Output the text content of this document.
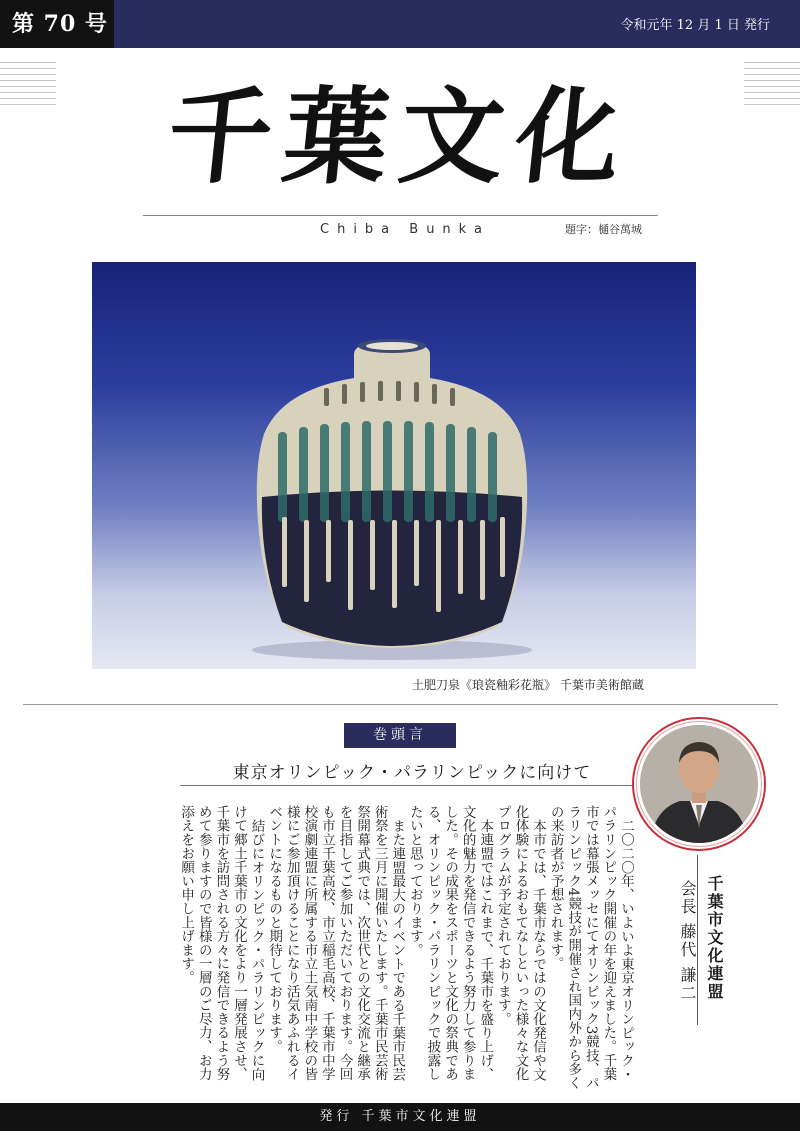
第 70 号	令和元年 12 月 1 日 発行
千葉文化
Chiba Bunka	題字：樋谷萬城
土肥刀泉《琅瓷釉彩花瓶》 千葉市美術館蔵
巻頭言
東京オリンピック・パラリンピックに向けて
千葉市文化連盟
会長 藤代 謙二

二〇二〇年、いよいよ東京オリンピック・パラリンピック開催の年を迎えました。千葉市では幕張メッセにてオリンピック3競技、パラリンピック4競技が開催され国内外から多くの来訪者が予想されます。

本市では、千葉市ならではの文化発信や文化体験によるおもてなしといった様々な文化プログラムが予定されております。

本連盟ではこれまで、千葉市を盛り上げ、文化的魅力を発信できるよう努力して参りました。その成果をスポーツと文化の祭典である、オリンピック・パラリンピックで披露したいと思っております。

また連盟最大のイベントである千葉市民芸術祭を三月に開催いたします。千葉市民芸術祭開幕式典では、次世代との文化交流と継承を目指してご参加いただいております。今回も市立千葉高校、市立稲毛高校、千葉市中学校演劇連盟に所属する市立土気南中学校の皆様にご参加頂けることになり活気あふれるイベントになるものと期待しております。

結びにオリンピック・パラリンピックに向けて郷土千葉市の文化をより一層発展させ、千葉市を訪問される方々に発信できるよう努めて参りますので皆様の一層のご尽力、お力添えをお願い申し上げます。

発行 千葉市文化連盟
